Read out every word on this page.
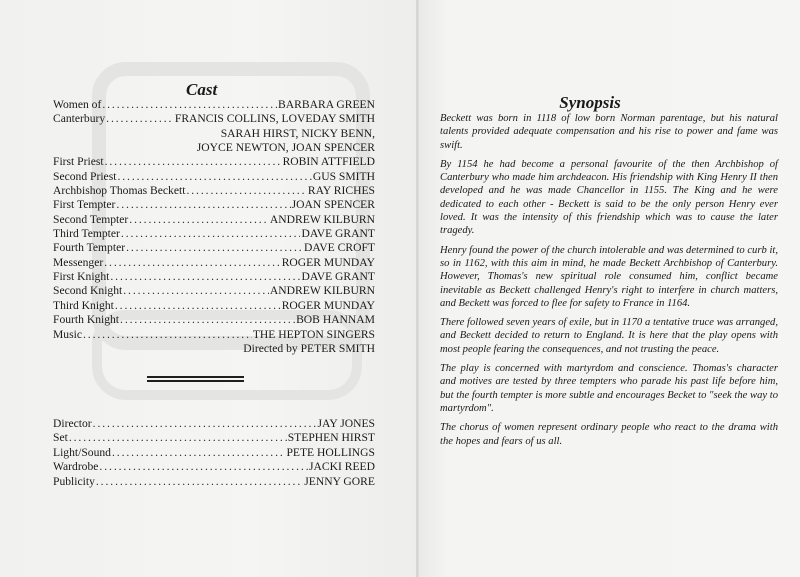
Cast
Women of . . .	BARBARA GREEN
Canterbury . . .	FRANCIS COLLINS, LOVEDAY SMITH
SARAH HIRST, NICKY BENN,
JOYCE NEWTON, JOAN SPENCER
First Priest . . .	ROBIN ATTFIELD
Second Priest . . .	GUS SMITH
Archbishop Thomas Beckett . . .	RAY RICHES
First Tempter . . .	JOAN SPENCER
Second Tempter . . .	ANDREW KILBURN
Third Tempter . . .	DAVE GRANT
Fourth Tempter . . .	DAVE CROFT
Messenger . . .	ROGER MUNDAY
First Knight . . .	DAVE GRANT
Second Knight . . .	ANDREW KILBURN
Third Knight . . .	ROGER MUNDAY
Fourth Knight . . .	BOB HANNAM
Music . . .	THE HEPTON SINGERS
Directed by PETER SMITH
Director . . .	JAY JONES
Set . . .	STEPHEN HIRST
Light/Sound . . .	PETE HOLLINGS
Wardrobe . . .	JACKI REED
Publicity . . .	JENNY GORE
Synopsis

Beckett was born in 1118 of low born Norman parentage, but his natural talents provided adequate compensation and his rise to power and fame was swift.

By 1154 he had become a personal favourite of the then Archbishop of Canterbury who made him archdeacon. His friendship with King Henry II then developed and he was made Chancellor in 1155. The King and he were dedicated to each other - Beckett is said to be the only person Henry ever loved. It was the intensity of this friendship which was to cause the later tragedy.

Henry found the power of the church intolerable and was determined to curb it, so in 1162, with this aim in mind, he made Beckett Archbishop of Canterbury. However, Thomas's new spiritual role consumed him, conflict became inevitable as Beckett challenged Henry's right to interfere in church matters, and Beckett was forced to flee for safety to France in 1164.

There followed seven years of exile, but in 1170 a tentative truce was arranged, and Beckett decided to return to England. It is here that the play opens with most people fearing the consequences, and not trusting the peace.

The play is concerned with martyrdom and conscience. Thomas's character and motives are tested by three tempters who parade his past life before him, but the fourth tempter is more subtle and encourages Becket to "seek the way to martyrdom".

The chorus of women represent ordinary people who react to the drama with the hopes and fears of us all.
